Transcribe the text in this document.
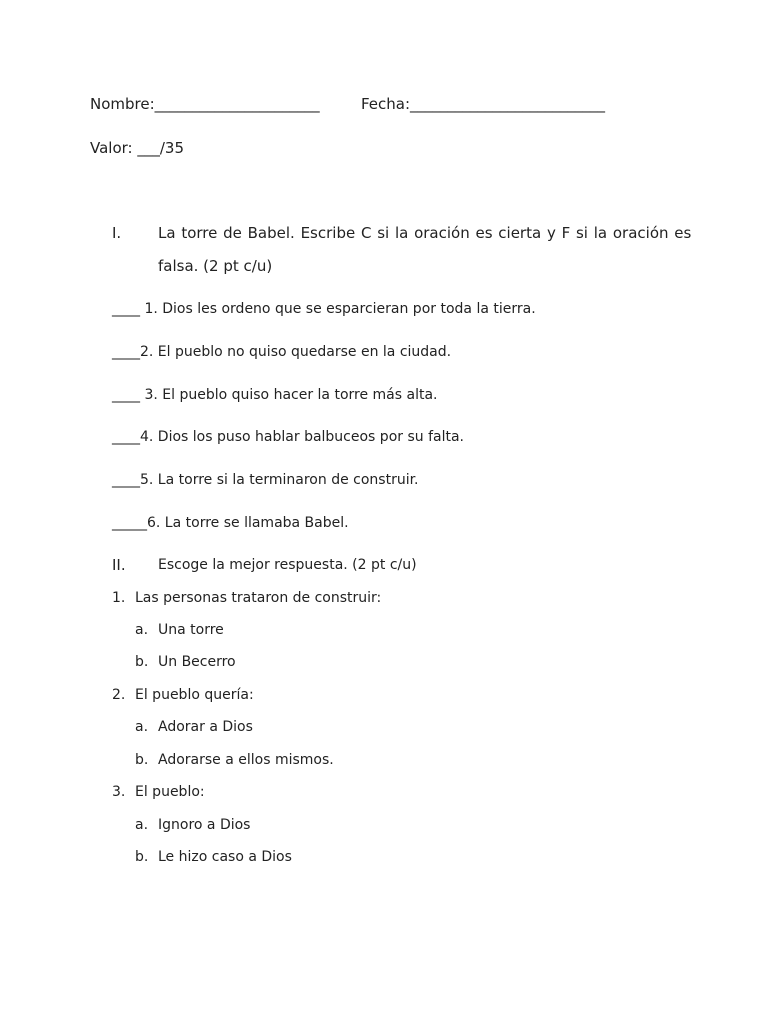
Nombre:______________________	Fecha:__________________________
Valor: ___/35
I. La torre de Babel. Escribe C si la oración es cierta y F si la oración es
falsa. (2 pt c/u)
____ 1. Dios les ordeno que se esparcieran por toda la tierra.
____2. El pueblo no quiso quedarse en la ciudad.
____ 3. El pueblo quiso hacer la torre más alta.
____4. Dios los puso hablar balbuceos por su falta.
____5. La torre si la terminaron de construir.
_____6. La torre se llamaba Babel.
II. Escoge la mejor respuesta. (2 pt c/u)
1. Las personas trataron de construir:
a. Una torre
b. Un Becerro
2. El pueblo quería:
a. Adorar a Dios
b. Adorarse a ellos mismos.
3. El pueblo:
a. Ignoro a Dios
b. Le hizo caso a Dios
